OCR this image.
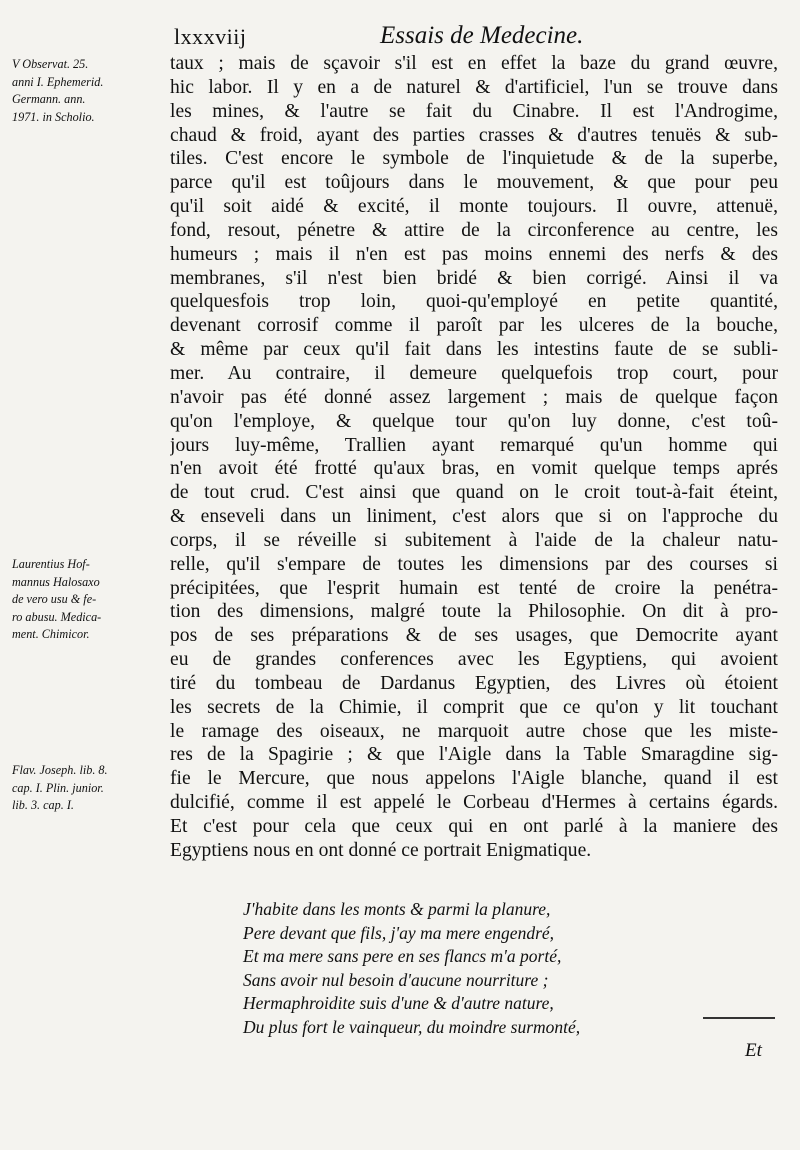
lxxxviij	Essais de Medecine.
V Observat. 25.
anni I. Ephemerid.
Germann. ann.
1971. in Scholio.
Laurentius Hof-
mannus Halosaxo
de vero usu & fe-
ro abusu. Medica-
ment. Chimicor.
Flav. Joseph. lib. 8.
cap. I. Plin. junior.
lib. 3. cap. I.
taux ; mais de sçavoir s'il est en effet la baze du grand œuvre,
hic labor. Il y en a de naturel & d'artificiel, l'un se trouve dans
les mines, & l'autre se fait du Cinabre. Il est l'Androgime,
chaud & froid, ayant des parties crasses & d'autres tenuës & sub-
tiles. C'est encore le symbole de l'inquietude & de la superbe,
parce qu'il est toûjours dans le mouvement, & que pour peu
qu'il soit aidé & excité, il monte toujours. Il ouvre, attenuë,
fond, resout, pénetre & attire de la circonference au centre, les
humeurs ; mais il n'en est pas moins ennemi des nerfs & des
membranes, s'il n'est bien bridé & bien corrigé. Ainsi il va
quelquesfois trop loin, quoi-qu'employé en petite quantité,
devenant corrosif comme il paroît par les ulceres de la bouche,
& même par ceux qu'il fait dans les intestins faute de se subli-
mer. Au contraire, il demeure quelquefois trop court, pour
n'avoir pas été donné assez largement ; mais de quelque façon
qu'on l'employe, & quelque tour qu'on luy donne, c'est toû-
jours luy-même, Trallien ayant remarqué qu'un homme qui
n'en avoit été frotté qu'aux bras, en vomit quelque temps aprés
de tout crud. C'est ainsi que quand on le croit tout-à-fait éteint,
& enseveli dans un liniment, c'est alors que si on l'approche du
corps, il se réveille si subitement à l'aide de la chaleur natu-
relle, qu'il s'empare de toutes les dimensions par des courses si
précipitées, que l'esprit humain est tenté de croire la penétra-
tion des dimensions, malgré toute la Philosophie. On dit à pro-
pos de ses préparations & de ses usages, que Democrite ayant
eu de grandes conferences avec les Egyptiens, qui avoient
tiré du tombeau de Dardanus Egyptien, des Livres où étoient
les secrets de la Chimie, il comprit que ce qu'on y lit touchant
le ramage des oiseaux, ne marquoit autre chose que les miste-
res de la Spagirie ; & que l'Aigle dans la Table Smaragdine sig-
fie le Mercure, que nous appelons l'Aigle blanche, quand il est
dulcifié, comme il est appelé le Corbeau d'Hermes à certains égards.
Et c'est pour cela que ceux qui en ont parlé à la maniere des
Egyptiens nous en ont donné ce portrait Enigmatique.
J'habite dans les monts & parmi la planure,
Pere devant que fils, j'ay ma mere engendré,
Et ma mere sans pere en ses flancs m'a porté,
Sans avoir nul besoin d'aucune nourriture ;
Hermaphroidite suis d'une & d'autre nature,
Du plus fort le vainqueur, du moindre surmonté,
Et
